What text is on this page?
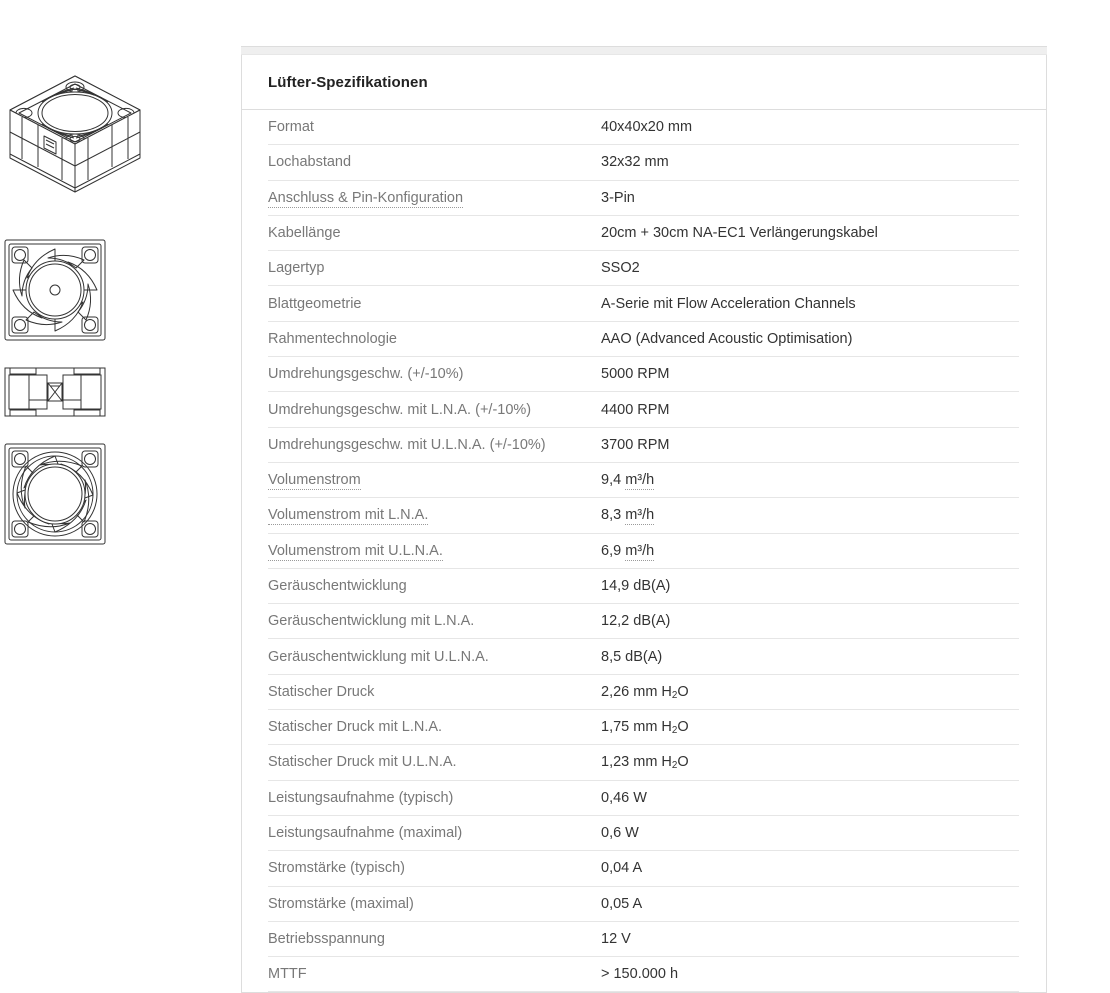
Lüfter-Spezifikationen
Format	40x40x20 mm
Lochabstand	32x32 mm
Anschluss & Pin-Konfiguration	3-Pin
Kabellänge	20cm + 30cm NA-EC1 Verlängerungskabel
Lagertyp	SSO2
Blattgeometrie	A-Serie mit Flow Acceleration Channels
Rahmentechnologie	AAO (Advanced Acoustic Optimisation)
Umdrehungsgeschw. (+/-10%)	5000 RPM
Umdrehungsgeschw. mit L.N.A. (+/-10%)	4400 RPM
Umdrehungsgeschw. mit U.L.N.A. (+/-10%)	3700 RPM
Volumenstrom	9,4 m³/h
Volumenstrom mit L.N.A.	8,3 m³/h
Volumenstrom mit U.L.N.A.	6,9 m³/h
Geräuschentwicklung	14,9 dB(A)
Geräuschentwicklung mit L.N.A.	12,2 dB(A)
Geräuschentwicklung mit U.L.N.A.	8,5 dB(A)
Statischer Druck	2,26 mm $H_2O$
Statischer Druck mit L.N.A.	1,75 mm $H_2O$
Statischer Druck mit U.L.N.A.	1,23 mm $H_2O$
Leistungsaufnahme (typisch)	0,46 W
Leistungsaufnahme (maximal)	0,6 W
Stromstärke (typisch)	0,04 A
Stromstärke (maximal)	0,05 A
Betriebsspannung	12 V
MTTF	> 150.000 h
